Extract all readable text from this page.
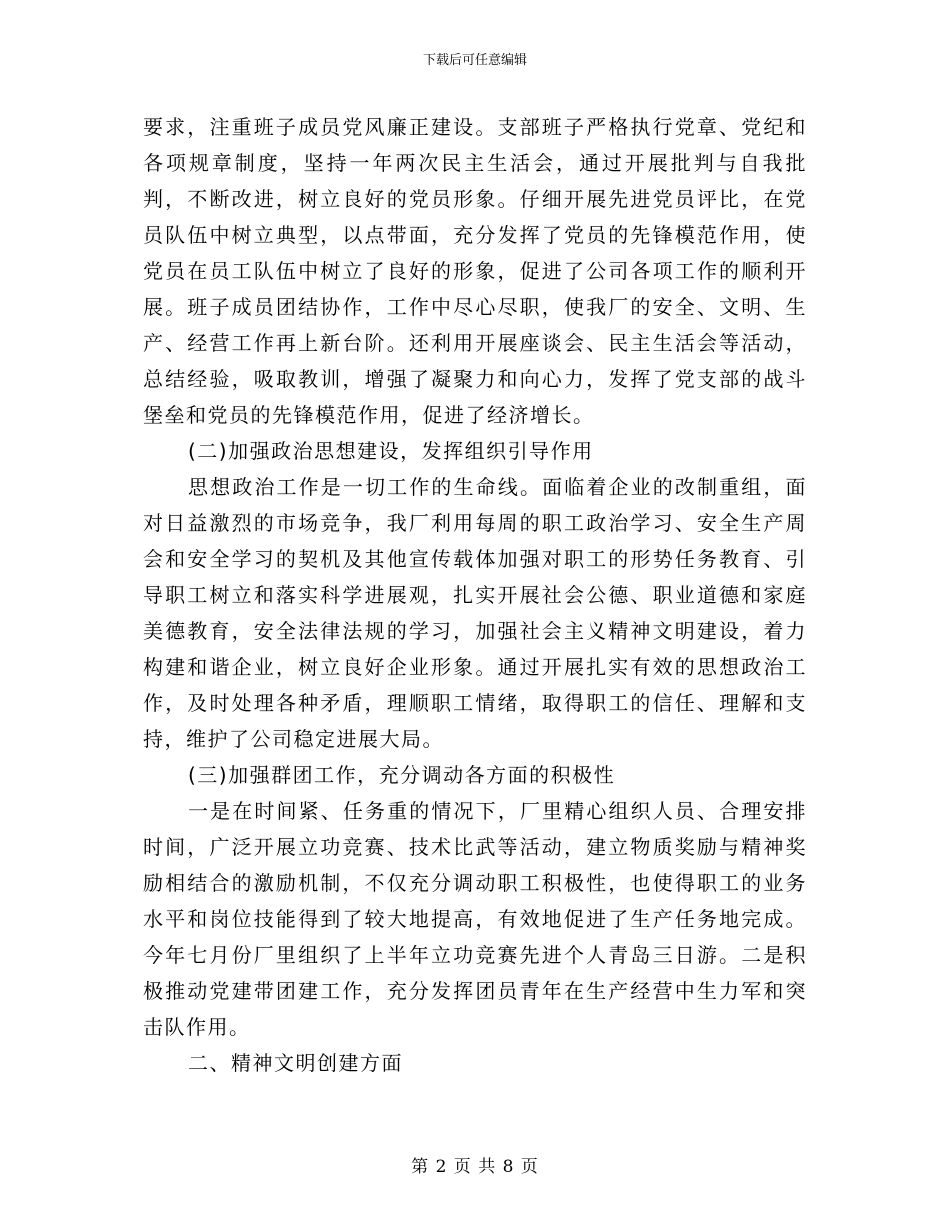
下载后可任意编辑

要求，注重班子成员党风廉正建设。支部班子严格执行党章、党纪和各项规章制度，坚持一年两次民主生活会，通过开展批判与自我批判，不断改进，树立良好的党员形象。仔细开展先进党员评比，在党员队伍中树立典型，以点带面，充分发挥了党员的先锋模范作用，使党员在员工队伍中树立了良好的形象，促进了公司各项工作的顺利开展。班子成员团结协作，工作中尽心尽职，使我厂的安全、文明、生产、经营工作再上新台阶。还利用开展座谈会、民主生活会等活动，总结经验，吸取教训，增强了凝聚力和向心力，发挥了党支部的战斗堡垒和党员的先锋模范作用，促进了经济增长。

(二)加强政治思想建设，发挥组织引导作用

思想政治工作是一切工作的生命线。面临着企业的改制重组，面对日益激烈的市场竞争，我厂利用每周的职工政治学习、安全生产周会和安全学习的契机及其他宣传载体加强对职工的形势任务教育、引导职工树立和落实科学进展观，扎实开展社会公德、职业道德和家庭美德教育，安全法律法规的学习，加强社会主义精神文明建设，着力构建和谐企业，树立良好企业形象。通过开展扎实有效的思想政治工作，及时处理各种矛盾，理顺职工情绪，取得职工的信任、理解和支持，维护了公司稳定进展大局。

(三)加强群团工作，充分调动各方面的积极性

一是在时间紧、任务重的情况下，厂里精心组织人员、合理安排时间，广泛开展立功竞赛、技术比武等活动，建立物质奖励与精神奖励相结合的激励机制，不仅充分调动职工积极性，也使得职工的业务水平和岗位技能得到了较大地提高，有效地促进了生产任务地完成。今年七月份厂里组织了上半年立功竞赛先进个人青岛三日游。二是积极推动党建带团建工作，充分发挥团员青年在生产经营中生力军和突击队作用。

二、精神文明创建方面

第 2 页 共 8 页
